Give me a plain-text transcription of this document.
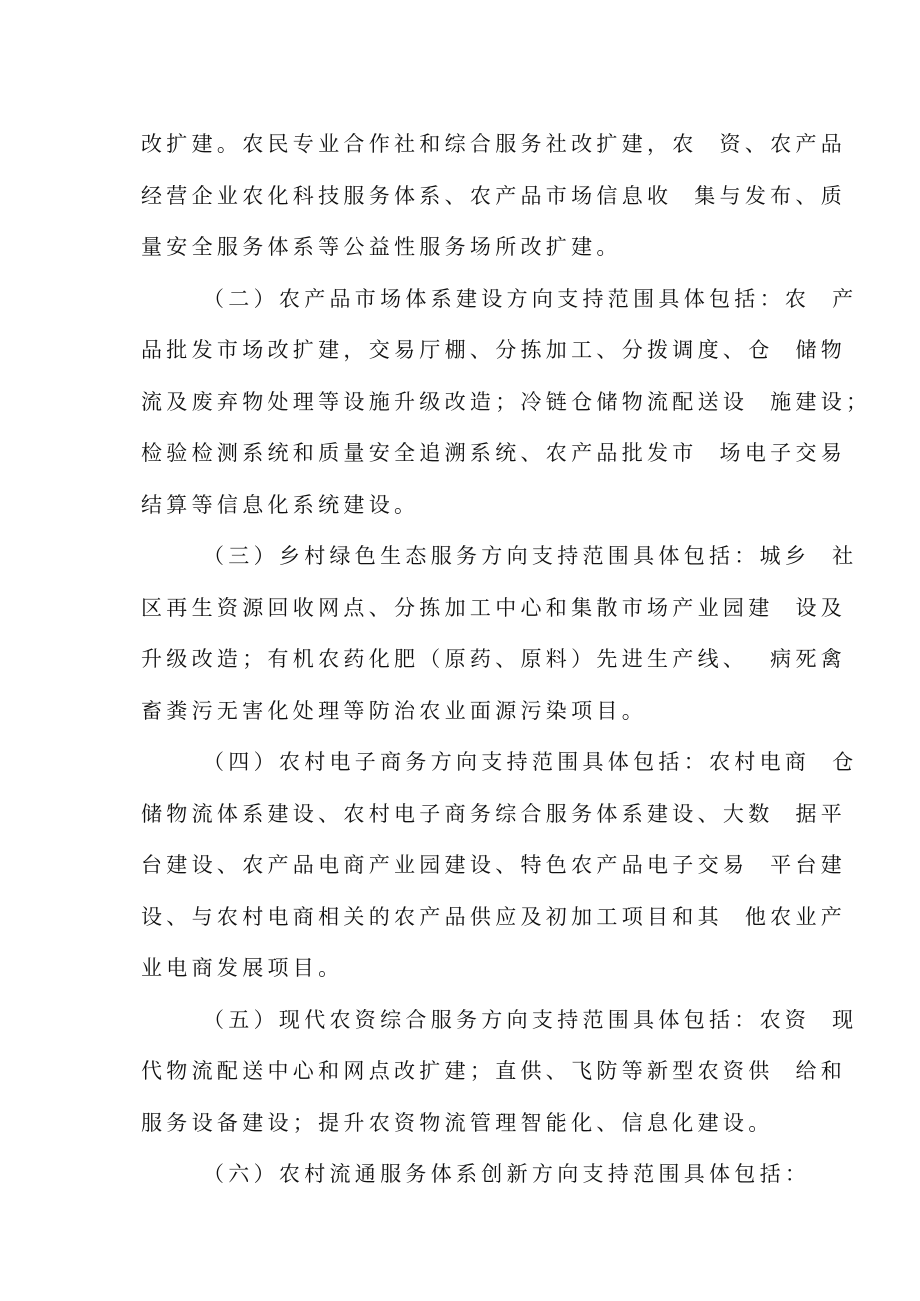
改扩建。农民专业合作社和综合服务社改扩建，农  资、农产品
经营企业农化科技服务体系、农产品市场信息收  集与发布、质
量安全服务体系等公益性服务场所改扩建。
（二）农产品市场体系建设方向支持范围具体包括：农  产
品批发市场改扩建，交易厅棚、分拣加工、分拨调度、仓  储物
流及废弃物处理等设施升级改造；冷链仓储物流配送设  施建设；
检验检测系统和质量安全追溯系统、农产品批发市  场电子交易
结算等信息化系统建设。
（三）乡村绿色生态服务方向支持范围具体包括：城乡  社
区再生资源回收网点、分拣加工中心和集散市场产业园建  设及
升级改造；有机农药化肥（原药、原料）先进生产线、  病死禽
畜粪污无害化处理等防治农业面源污染项目。
（四）农村电子商务方向支持范围具体包括：农村电商  仓
储物流体系建设、农村电子商务综合服务体系建设、大数  据平
台建设、农产品电商产业园建设、特色农产品电子交易  平台建
设、与农村电商相关的农产品供应及初加工项目和其  他农业产
业电商发展项目。
（五）现代农资综合服务方向支持范围具体包括：农资  现
代物流配送中心和网点改扩建；直供、飞防等新型农资供  给和
服务设备建设；提升农资物流管理智能化、信息化建设。
（六）农村流通服务体系创新方向支持范围具体包括：
